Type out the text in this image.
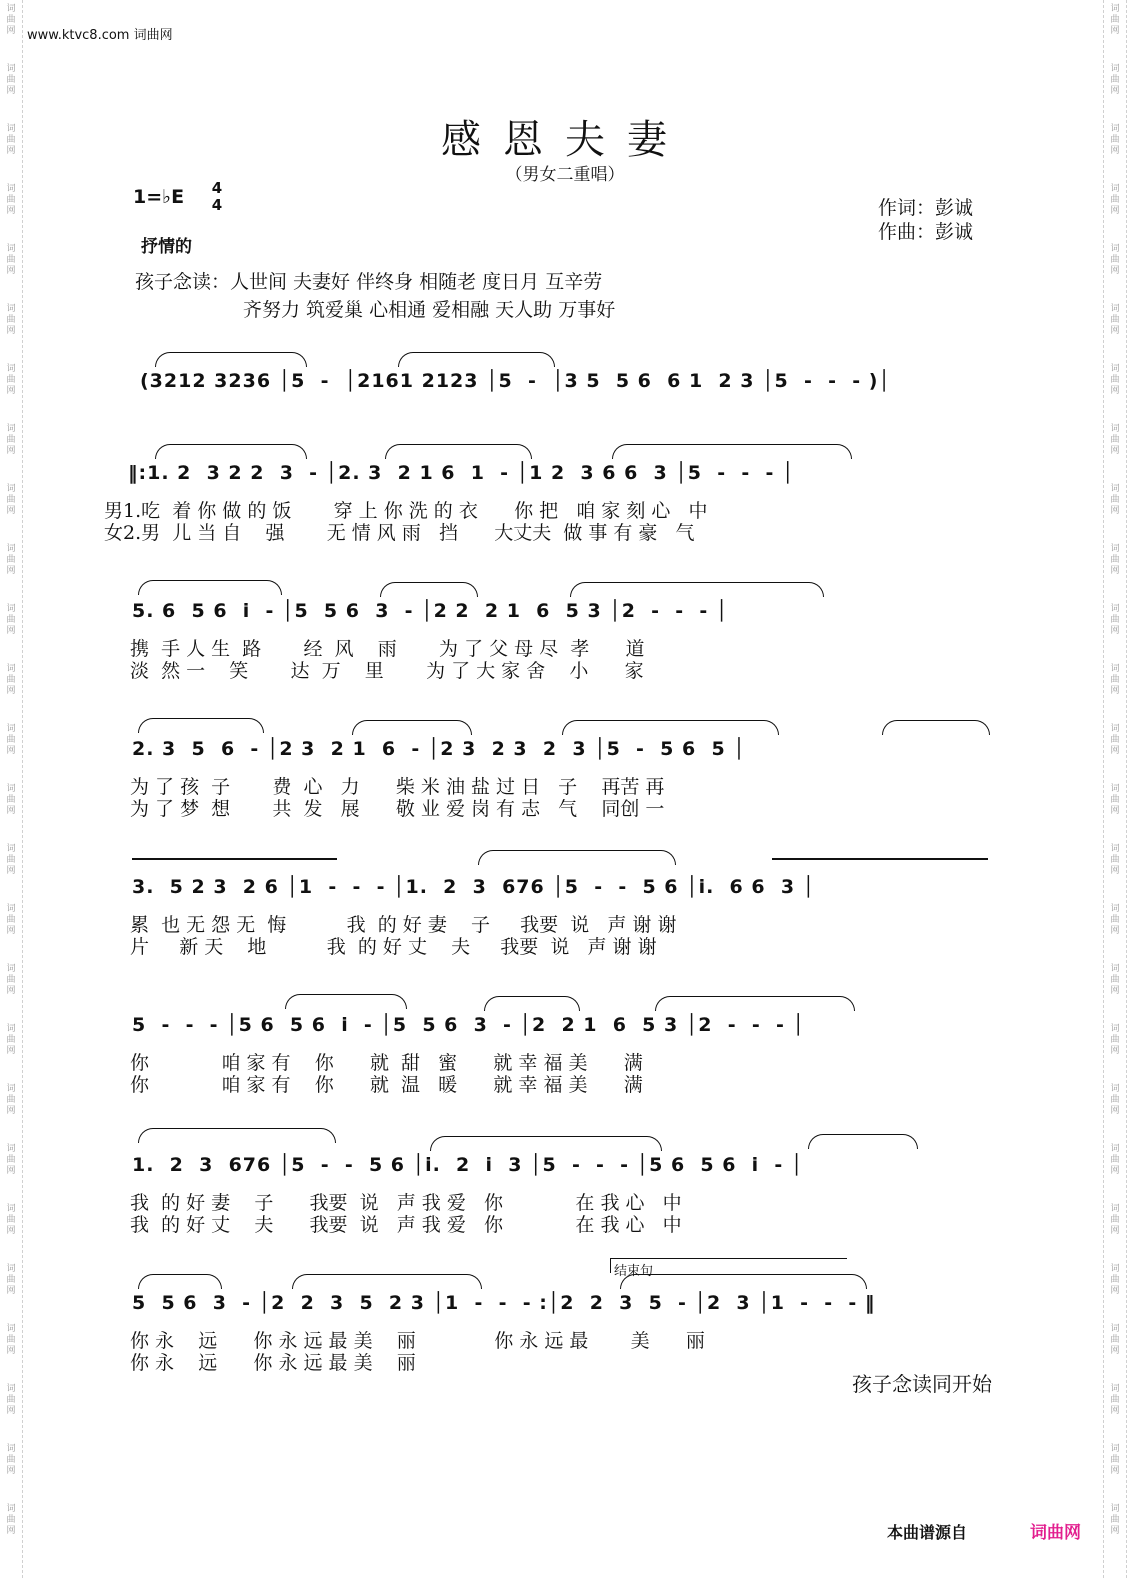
词
曲
网
词
曲
网
词
曲
网
词
曲
网
词
曲
网
词
曲
网
词
曲
网
词
曲
网
词
曲
网
词
曲
网
词
曲
网
词
曲
网
词
曲
网
词
曲
网
词
曲
网
词
曲
网
词
曲
网
词
曲
网
词
曲
网
词
曲
网
词
曲
网
词
曲
网
词
曲
网
词
曲
网
词
曲
网
词
曲
网
词
曲
网
词
曲
网
词
曲
网
词
曲
网
词
曲
网
词
曲
网
词
曲
网
词
曲
网
词
曲
网
词
曲
网
词
曲
网
词
曲
网
词
曲
网
词
曲
网
词
曲
网
词
曲
网
词
曲
网
词
曲
网
词
曲
网
词
曲
网
词
曲
网
词
曲
网
词
曲
网
词
曲
网
词
曲
网
词
曲
网
www.ktvc8.com 词曲网
感恩夫妻
（男女二重唱）
1=♭E 4
4
抒情的
作词：彭诚
作曲：彭诚
孩子念读：人世间 夫妻好 伴终身 相随老 度日月 互辛劳
齐努力 筑爱巢 心相通 爱相融 天人助 万事好
(3212 3236 │5  -  │2161 2123 │5  -  │3 5  5 6  6 1  2 3 │5  -  -  - )│
‖:1. 2  3 2 2  3  - │2. 3  2 1 6  1  - │1 2  3 6 6  3 │5  -  -  - │
男1.吃  着 你 做 的 饭       穿 上 你 洗 的 衣      你 把   咱 家 刻 心   中
女2.男  儿 当 自    强       无 情 风 雨   挡      大丈夫  做 事 有 豪   气
5. 6  5 6  i  - │5  5 6  3  - │2 2  2 1  6  5 3 │2  -  -  - │
携  手 人 生  路       经  风    雨       为 了 父 母 尽  孝      道
淡  然 一    笑       达  万    里       为 了 大 家 舍    小      家
2. 3  5  6  - │2 3  2 1  6  - │2 3  2 3  2  3 │5  -  5 6  5 │
为 了 孩  子       费  心   力      柴 米 油 盐 过 日   子    再苦 再
为 了 梦  想       共  发   展      敬 业 爱 岗 有 志   气    同创 一
3.  5 2 3  2 6 │1  -  -  - │1.  2  3  676 │5  -  -  5 6 │i.  6 6  3 │
累  也 无 怨 无  悔          我  的 好 妻    子     我要  说   声 谢 谢
片     新 天    地          我  的 好 丈    夫     我要  说   声 谢 谢
5  -  -  - │5 6  5 6  i  - │5  5 6  3  - │2  2 1  6  5 3 │2  -  -  - │
你            咱 家 有    你      就  甜   蜜      就 幸 福 美      满
你            咱 家 有    你      就  温   暖      就 幸 福 美      满
1.  2  3  676 │5  -  -  5 6 │i.  2  i  3 │5  -  -  - │5 6  5 6  i  - │
我  的 好 妻    子      我要  说   声 我 爱   你            在 我 心   中
我  的 好 丈    夫      我要  说   声 我 爱   你            在 我 心   中
结束句
5  5 6  3  - │2  2  3  5  2 3 │1  -  -  - :│2  2  3  5  - │2  3 │1  -  -  - ‖
你 永    远      你 永 远 最 美    丽             你 永 远 最       美      丽
你 永    远      你 永 远 最 美    丽
孩子念读同开始
本曲谱源自	词曲网
